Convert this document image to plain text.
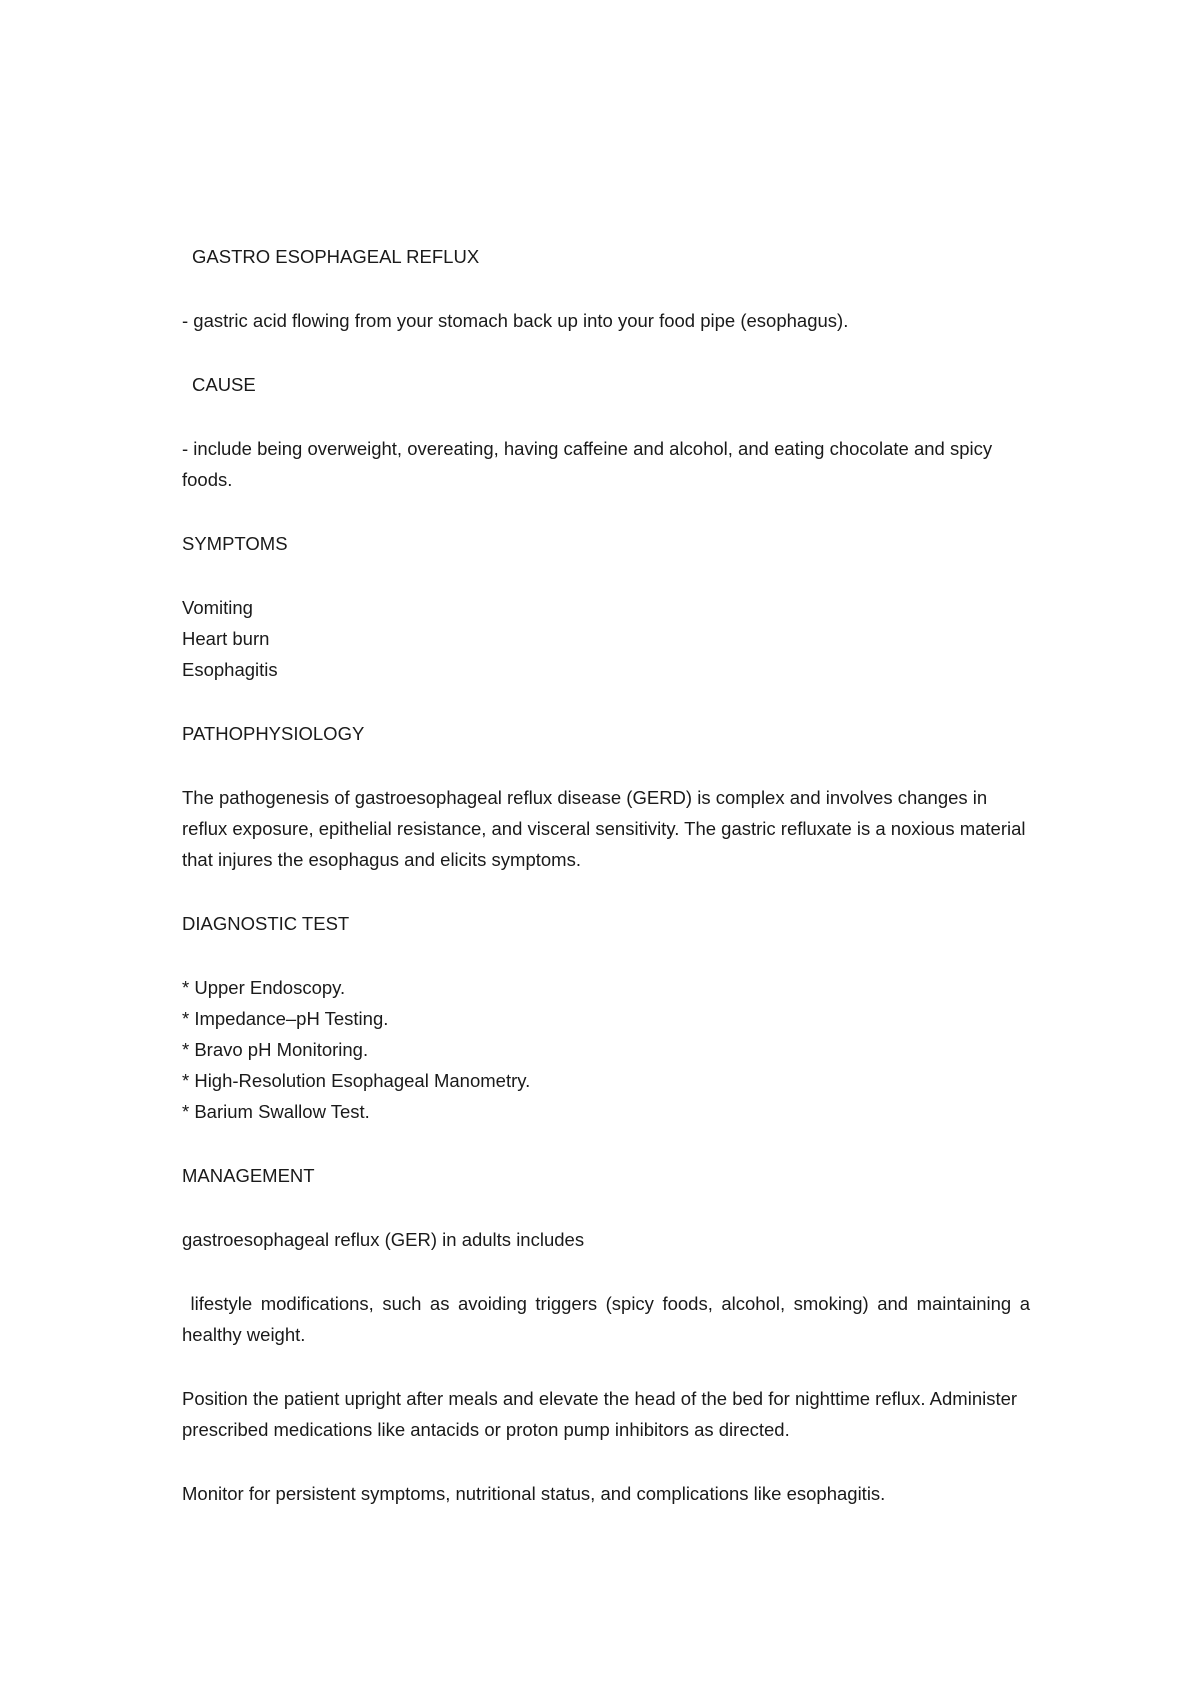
GASTRO ESOPHAGEAL REFLUX
- gastric acid flowing from your stomach back up into your food pipe (esophagus).
CAUSE
- include being overweight, overeating, having caffeine and alcohol, and eating chocolate and spicy foods.
SYMPTOMS
Vomiting
Heart burn
Esophagitis
PATHOPHYSIOLOGY
The pathogenesis of gastroesophageal reflux disease (GERD) is complex and involves changes in reflux exposure, epithelial resistance, and visceral sensitivity. The gastric refluxate is a noxious material that injures the esophagus and elicits symptoms.
DIAGNOSTIC TEST
* Upper Endoscopy.
* Impedance–pH Testing.
* Bravo pH Monitoring.
* High-Resolution Esophageal Manometry.
* Barium Swallow Test.
MANAGEMENT
gastroesophageal reflux (GER) in adults includes
lifestyle modifications, such as avoiding triggers (spicy foods, alcohol, smoking) and maintaining a healthy weight.
Position the patient upright after meals and elevate the head of the bed for nighttime reflux. Administer prescribed medications like antacids or proton pump inhibitors as directed.
Monitor for persistent symptoms, nutritional status, and complications like esophagitis.
